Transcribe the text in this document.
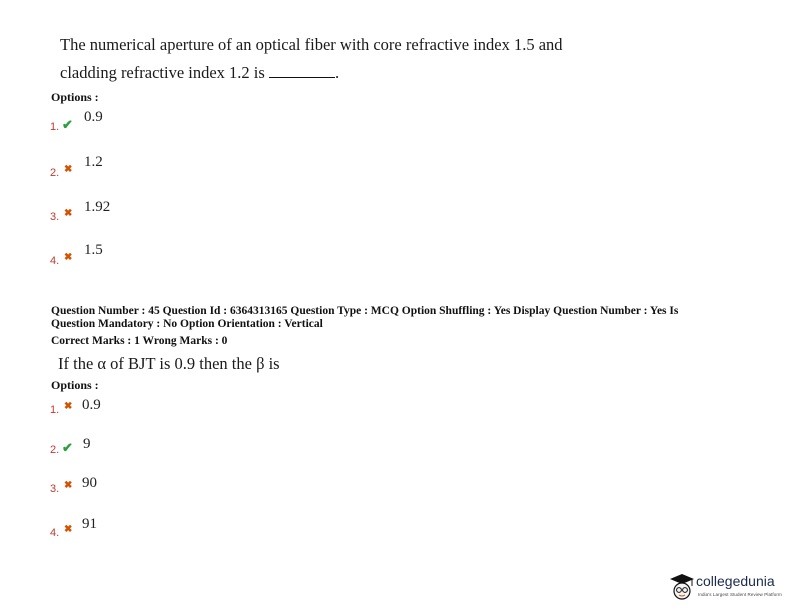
The numerical aperture of an optical fiber with core refractive index 1.5 and
cladding refractive index 1.2 is	.
Options :
1. ✔ 0.9
2. ✖ 1.2
3. ✖ 1.92
4. ✖ 1.5
Question Number : 45 Question Id : 6364313165 Question Type : MCQ Option Shuffling : Yes Display Question Number : Yes Is
Question Mandatory : No Option Orientation : Vertical
Correct Marks : 1 Wrong Marks : 0
If the α of BJT is 0.9 then the β is
Options :
1. ✖ 0.9
2. ✔ 9
3. ✖ 90
4. ✖ 91
collegedunia
India's Largest Student Review Platform
